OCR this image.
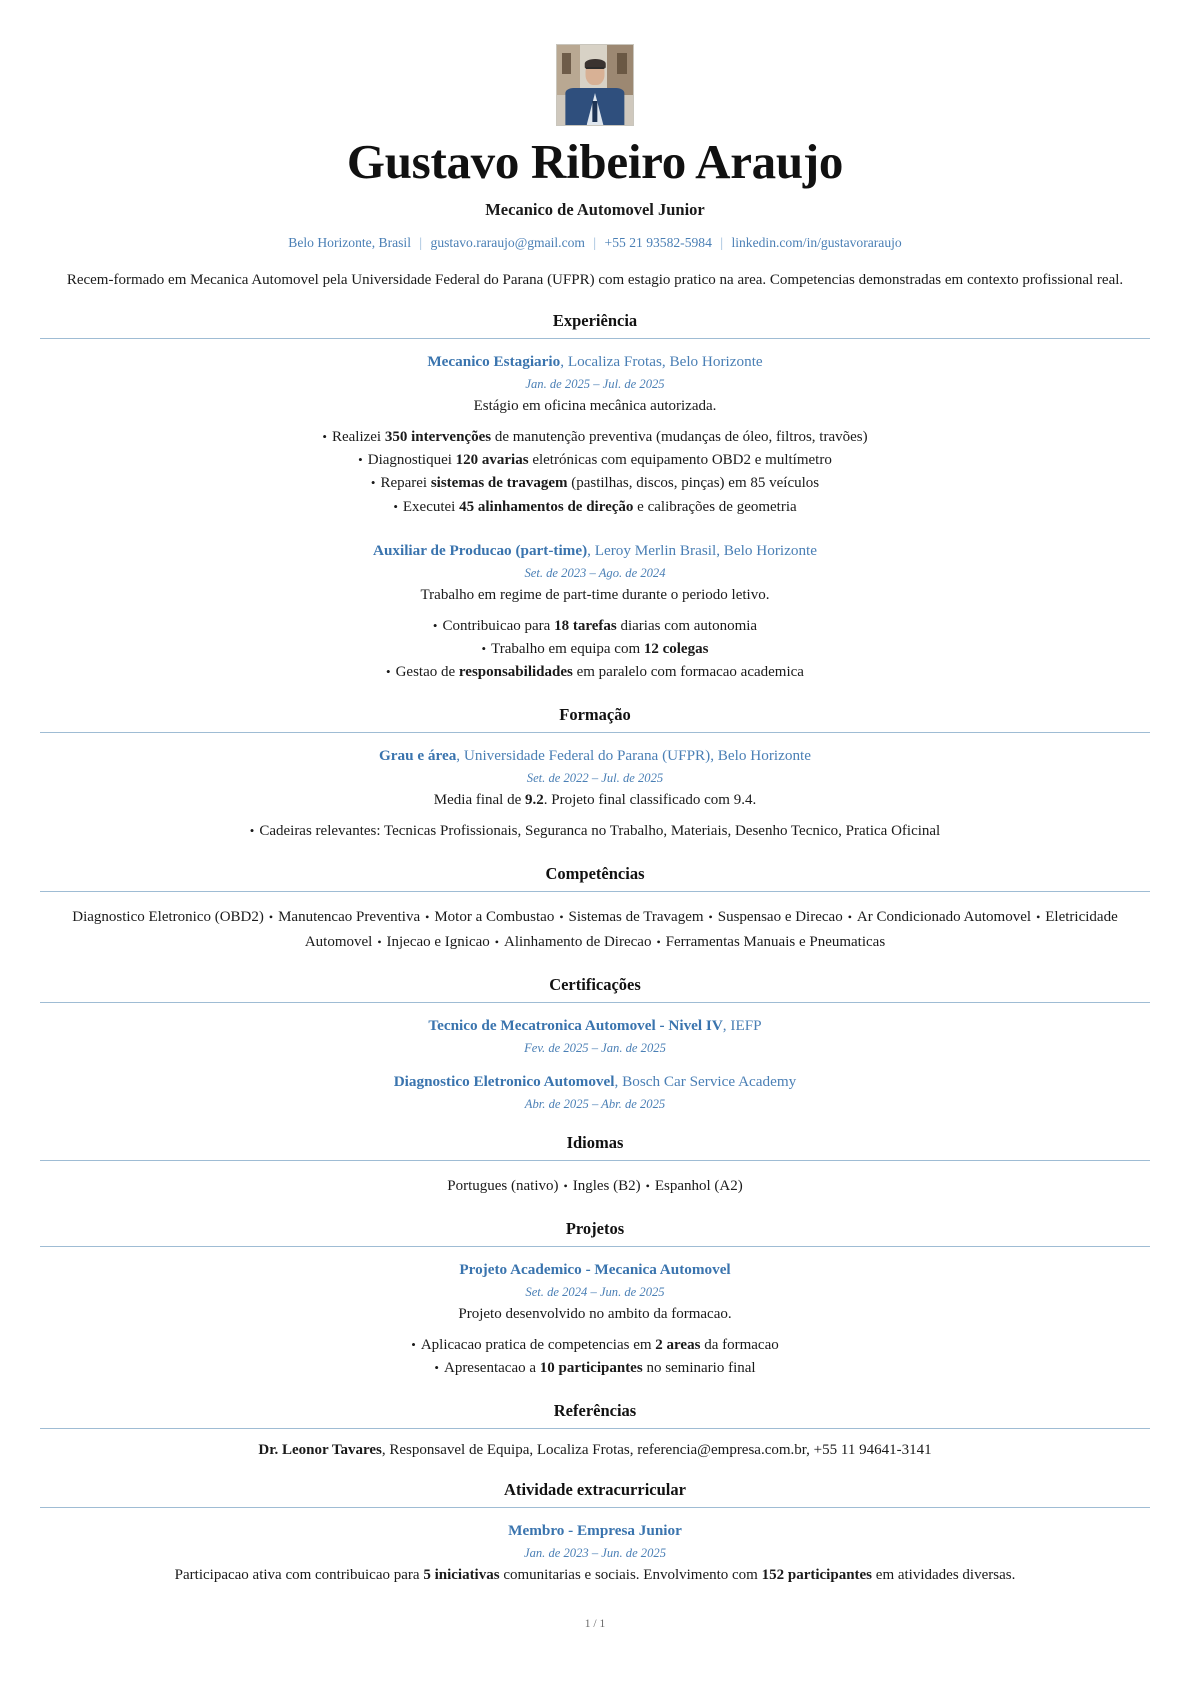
Gustavo Ribeiro Araujo
Mecanico de Automovel Junior
Belo Horizonte, Brasil | gustavo.raraujo@gmail.com | +55 21 93582-5984 | linkedin.com/in/gustavoraraujo
Recem-formado em Mecanica Automovel pela Universidade Federal do Parana (UFPR) com estagio pratico na area. Competencias demonstradas em contexto profissional real.
Experiência
Mecanico Estagiario, Localiza Frotas, Belo Horizonte
Jan. de 2025 – Jul. de 2025
Estágio em oficina mecânica autorizada.
• Realizei 350 intervenções de manutenção preventiva (mudanças de óleo, filtros, travões)
• Diagnostiquei 120 avarias eletrónicas com equipamento OBD2 e multímetro
• Reparei sistemas de travagem (pastilhas, discos, pinças) em 85 veículos
• Executei 45 alinhamentos de direção e calibrações de geometria
Auxiliar de Producao (part-time), Leroy Merlin Brasil, Belo Horizonte
Set. de 2023 – Ago. de 2024
Trabalho em regime de part-time durante o periodo letivo.
• Contribuicao para 18 tarefas diarias com autonomia
• Trabalho em equipa com 12 colegas
• Gestao de responsabilidades em paralelo com formacao academica
Formação
Grau e área, Universidade Federal do Parana (UFPR), Belo Horizonte
Set. de 2022 – Jul. de 2025
Media final de 9.2. Projeto final classificado com 9.4.
• Cadeiras relevantes: Tecnicas Profissionais, Seguranca no Trabalho, Materiais, Desenho Tecnico, Pratica Oficinal
Competências
Diagnostico Eletronico (OBD2) • Manutencao Preventiva • Motor a Combustao • Sistemas de Travagem • Suspensao e Direcao • Ar Condicionado Automovel • Eletricidade Automovel • Injecao e Ignicao • Alinhamento de Direcao • Ferramentas Manuais e Pneumaticas
Certificações
Tecnico de Mecatronica Automovel - Nivel IV, IEFP
Fev. de 2025 – Jan. de 2025
Diagnostico Eletronico Automovel, Bosch Car Service Academy
Abr. de 2025 – Abr. de 2025
Idiomas
Portugues (nativo) • Ingles (B2) • Espanhol (A2)
Projetos
Projeto Academico - Mecanica Automovel
Set. de 2024 – Jun. de 2025
Projeto desenvolvido no ambito da formacao.
• Aplicacao pratica de competencias em 2 areas da formacao
• Apresentacao a 10 participantes no seminario final
Referências
Dr. Leonor Tavares, Responsavel de Equipa, Localiza Frotas, referencia@empresa.com.br, +55 11 94641-3141
Atividade extracurricular
Membro - Empresa Junior
Jan. de 2023 – Jun. de 2025
Participacao ativa com contribuicao para 5 iniciativas comunitarias e sociais. Envolvimento com 152 participantes em atividades diversas.
1 / 1
